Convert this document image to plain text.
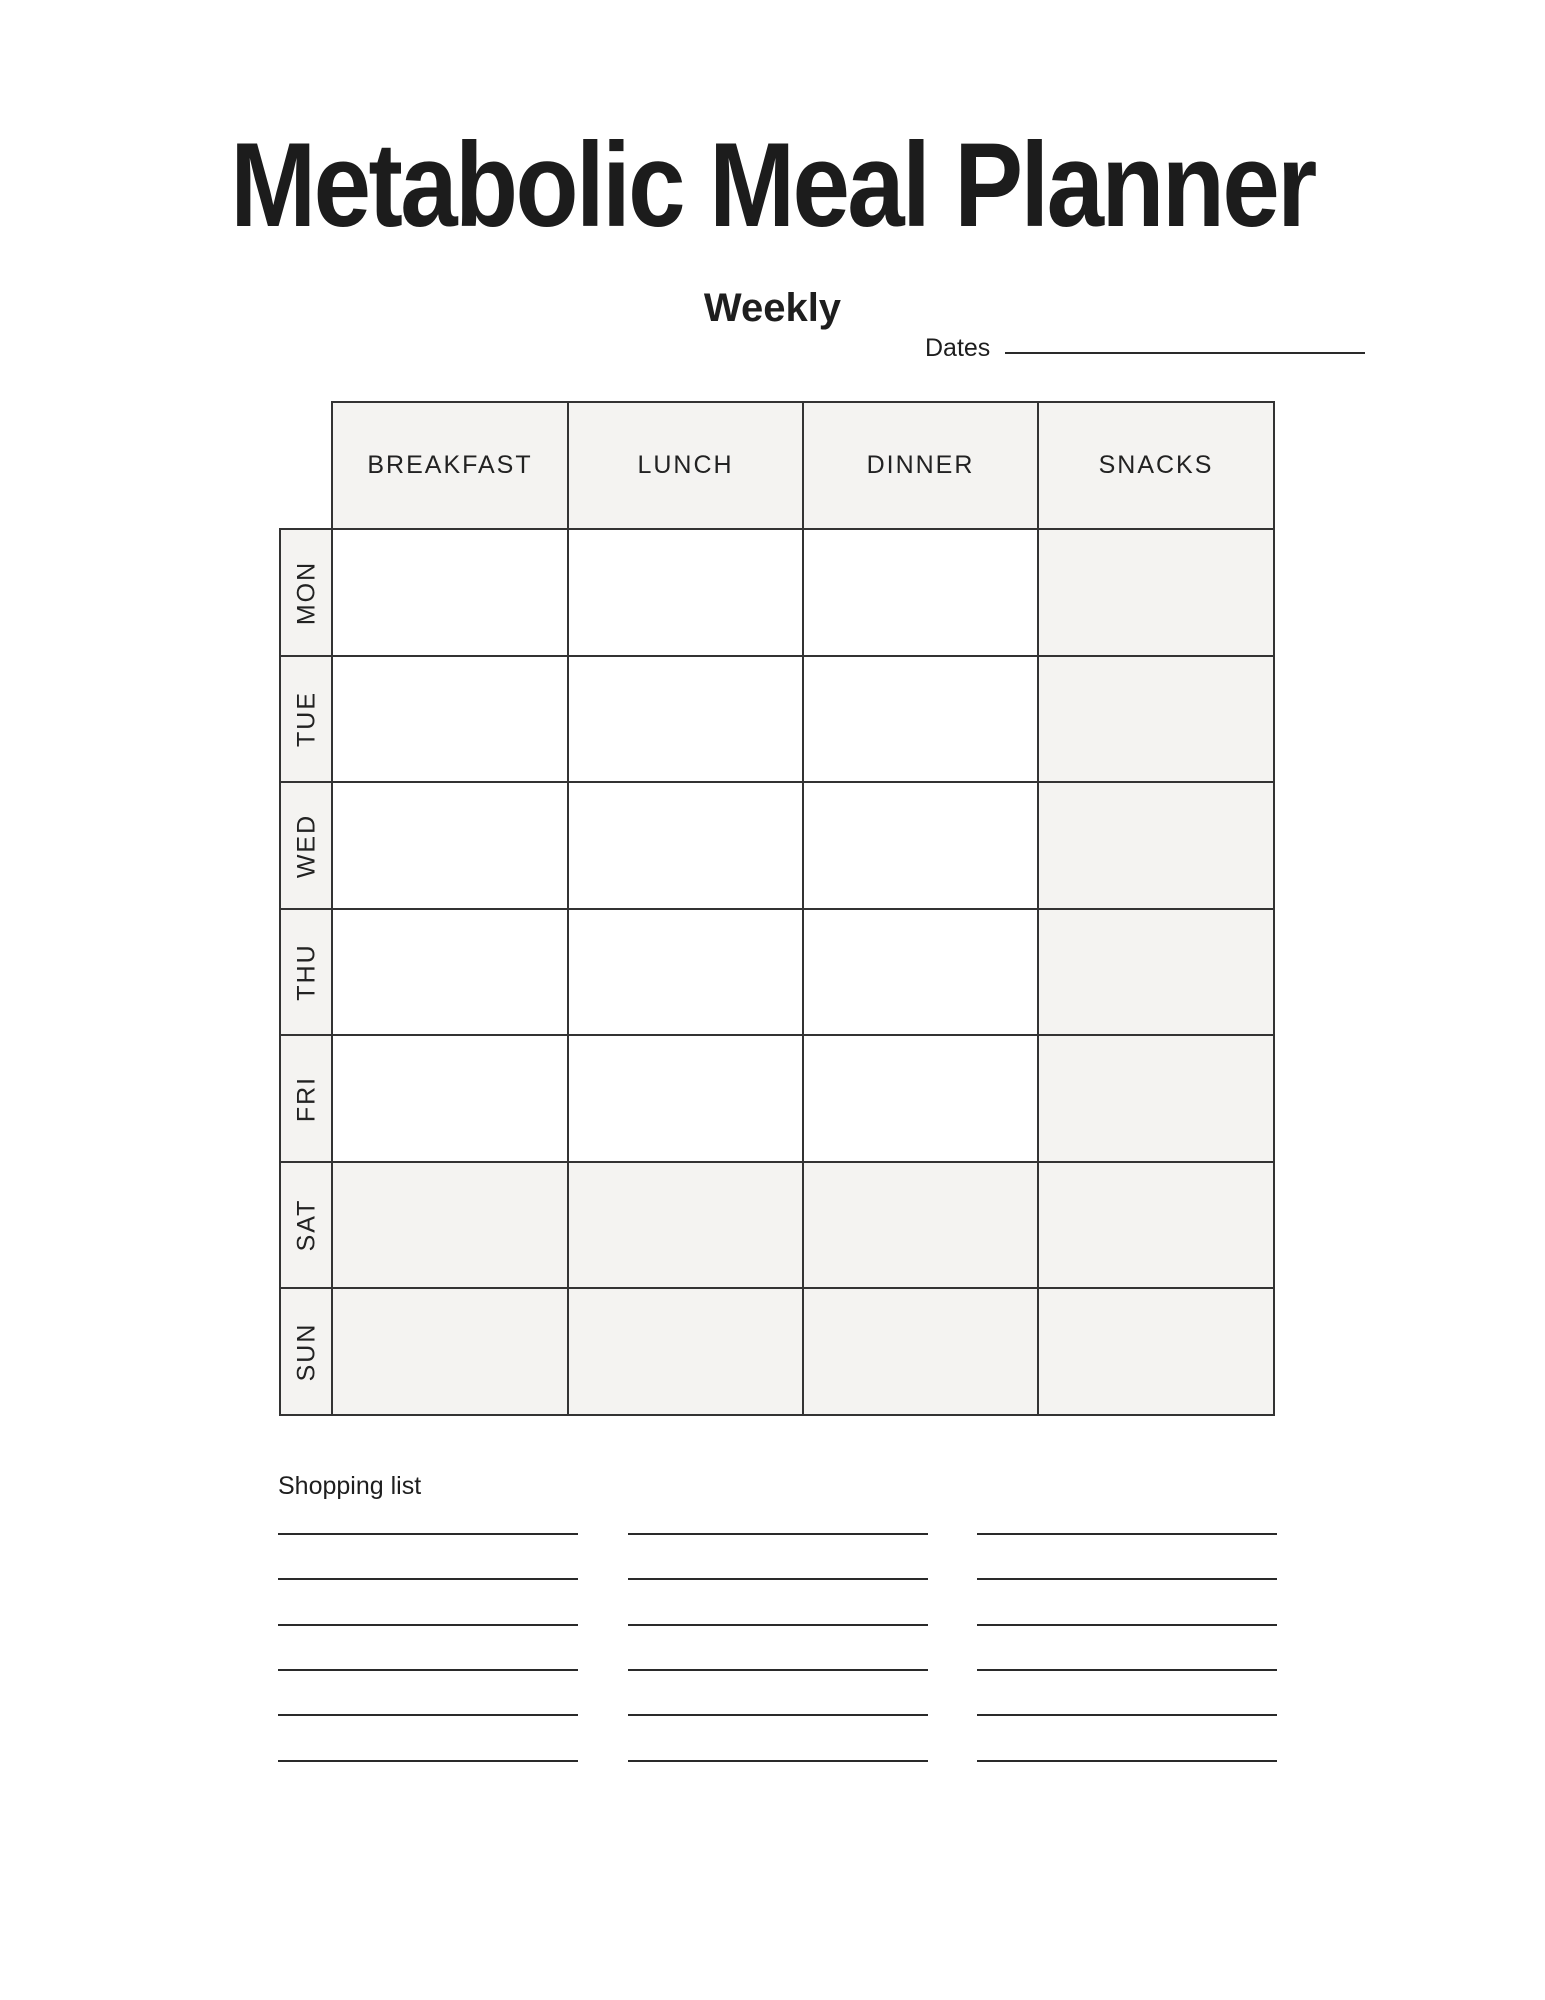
Metabolic Meal Planner
Weekly
Dates
BREAKFAST	LUNCH	DINNER	SNACKS
MON
TUE
WED
THU
FRI
SAT
SUN
Shopping list
